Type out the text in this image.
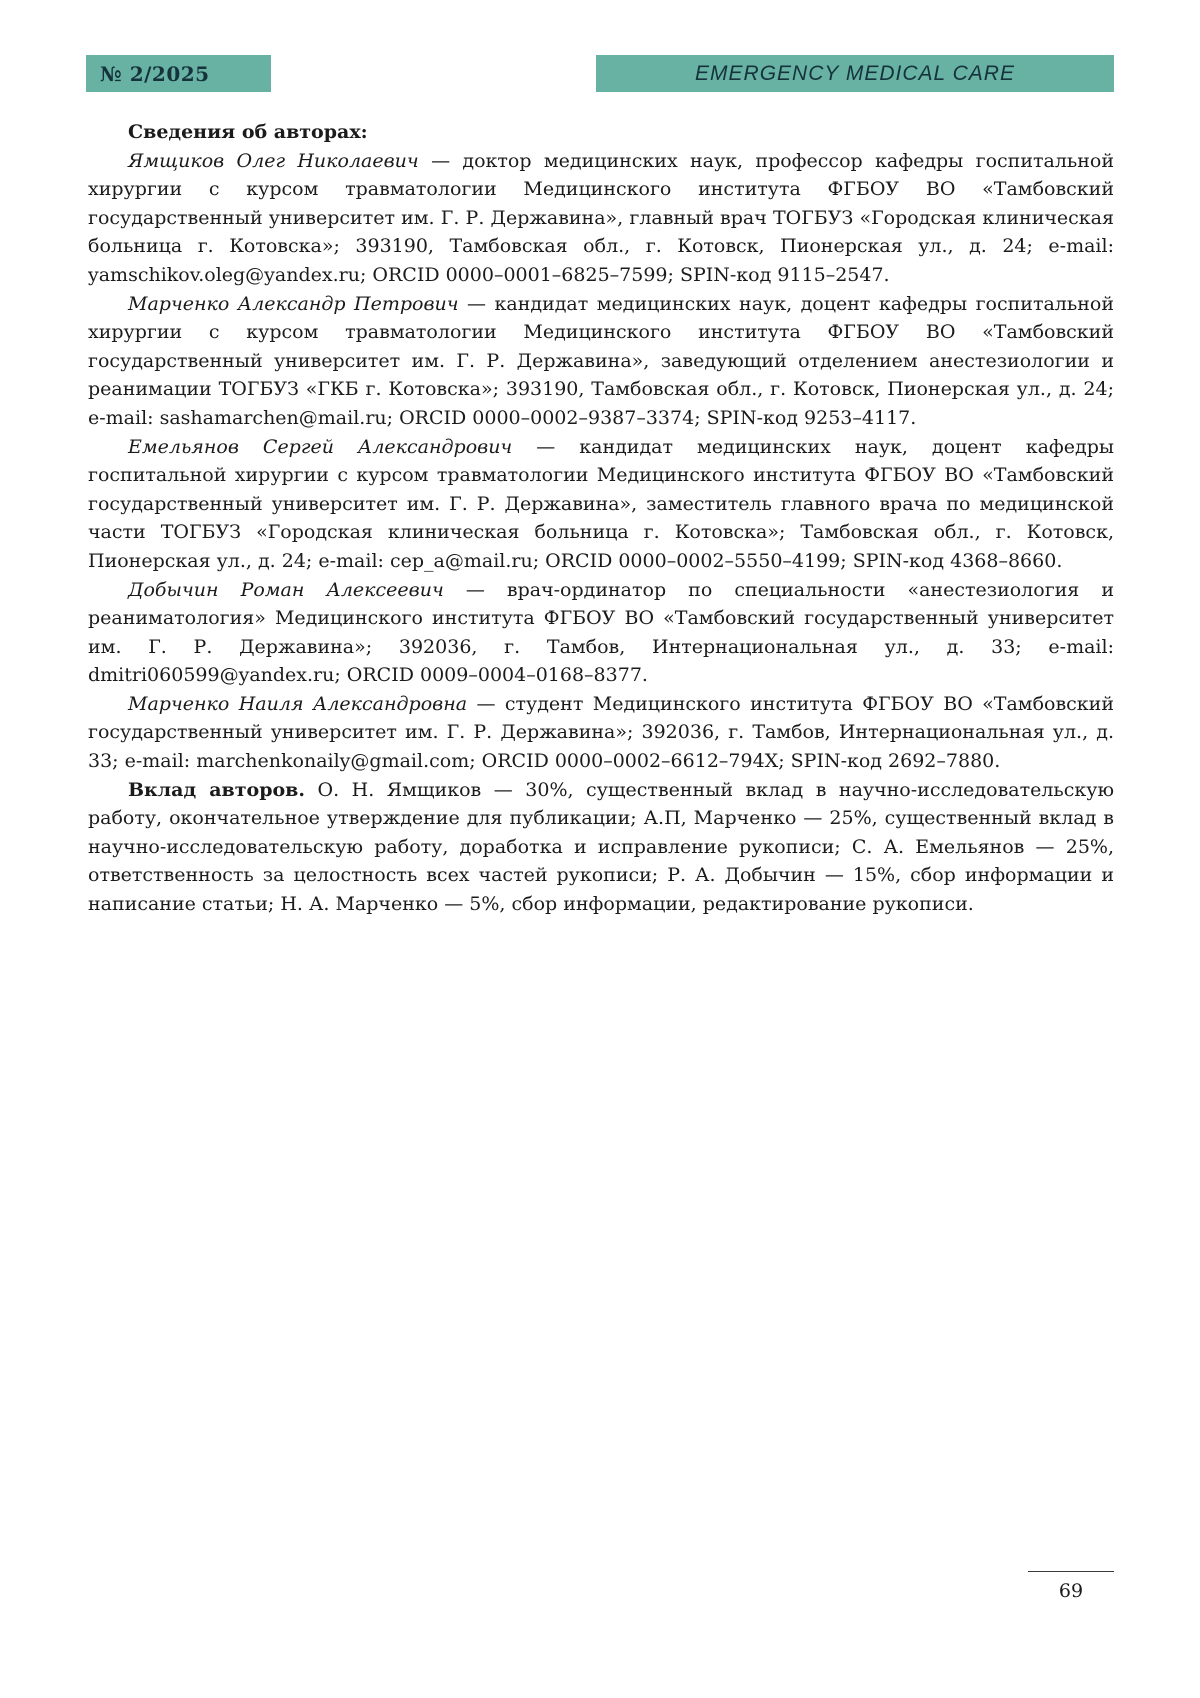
№ 2/2025	EMERGENCY MEDICAL CARE

Сведения об авторах:

Ямщиков Олег Николаевич — доктор медицинских наук, профессор кафедры госпитальной хирургии с курсом травматологии Медицинского института ФГБОУ ВО «Тамбовский государственный университет им. Г. Р. Державина», главный врач ТОГБУЗ «Городская клиническая больница г. Котовска»; 393190, Тамбовская обл., г. Котовск, Пионерская ул., д. 24; e-mail: yamschikov.oleg@yandex.ru; ORCID 0000–0001–6825–7599; SPIN-код 9115–2547.

Марченко Александр Петрович — кандидат медицинских наук, доцент кафедры госпитальной хирургии с курсом травматологии Медицинского института ФГБОУ ВО «Тамбовский государственный университет им. Г. Р. Державина», заведующий отделением анестезиологии и реанимации ТОГБУЗ «ГКБ г. Котовска»; 393190, Тамбовская обл., г. Котовск, Пионерская ул., д. 24; e-mail: sashamarchen@mail.ru; ORCID 0000–0002–9387–3374; SPIN-код 9253–4117.

Емельянов Сергей Александрович — кандидат медицинских наук, доцент кафедры госпитальной хирургии с курсом травматологии Медицинского института ФГБОУ ВО «Тамбовский государственный университет им. Г. Р. Державина», заместитель главного врача по медицинской части ТОГБУЗ «Городская клиническая больница г. Котовска»; Тамбовская обл., г. Котовск, Пионерская ул., д. 24; e-mail: cep_a@mail.ru; ORCID 0000–0002–5550–4199; SPIN-код 4368–8660.

Добычин Роман Алексеевич — врач-ординатор по специальности «анестезиология и реаниматология» Медицинского института ФГБОУ ВО «Тамбовский государственный университет им. Г. Р. Державина»; 392036, г. Тамбов, Интернациональная ул., д. 33; e-mail: dmitri060599@yandex.ru; ORCID 0009–0004–0168–8377.

Марченко Наиля Александровна — студент Медицинского института ФГБОУ ВО «Тамбовский государственный университет им. Г. Р. Державина»; 392036, г. Тамбов, Интернациональная ул., д. 33; e-mail: marchenkonaily@gmail.com; ORCID 0000–0002–6612–794X; SPIN-код 2692–7880.

Вклад авторов. О. Н. Ямщиков — 30%, существенный вклад в научно-исследовательскую работу, окончательное утверждение для публикации; А.П, Марченко — 25%, существенный вклад в научно-исследовательскую работу, доработка и исправление рукописи; С. А. Емельянов — 25%, ответственность за целостность всех частей рукописи; Р. А. Добычин — 15%, сбор информации и написание статьи; Н. А. Марченко — 5%, сбор информации, редактирование рукописи.

69
